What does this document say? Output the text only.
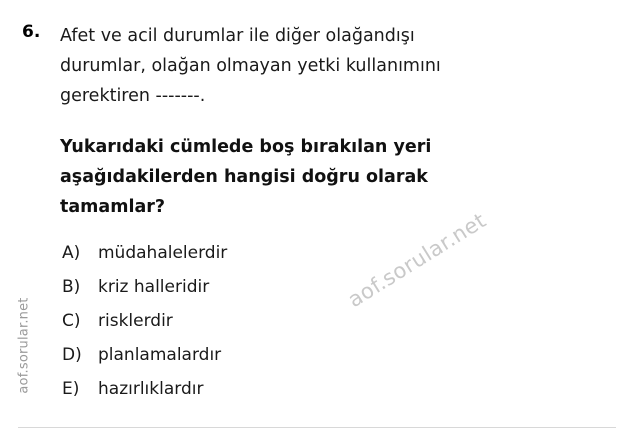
aof.sorular.net
6. Afet ve acil durumlar ile diğer olağandışı
durumlar, olağan olmayan yetki kullanımını
gerektiren -------.
Yukarıdaki cümlede boş bırakılan yeri
aşağıdakilerden hangisi doğru olarak
tamamlar?
A)	müdahalelerdir
B)	kriz halleridir
C)	risklerdir
D) planlamalardır
E)	hazırlıklardır
aof.sorular.net
